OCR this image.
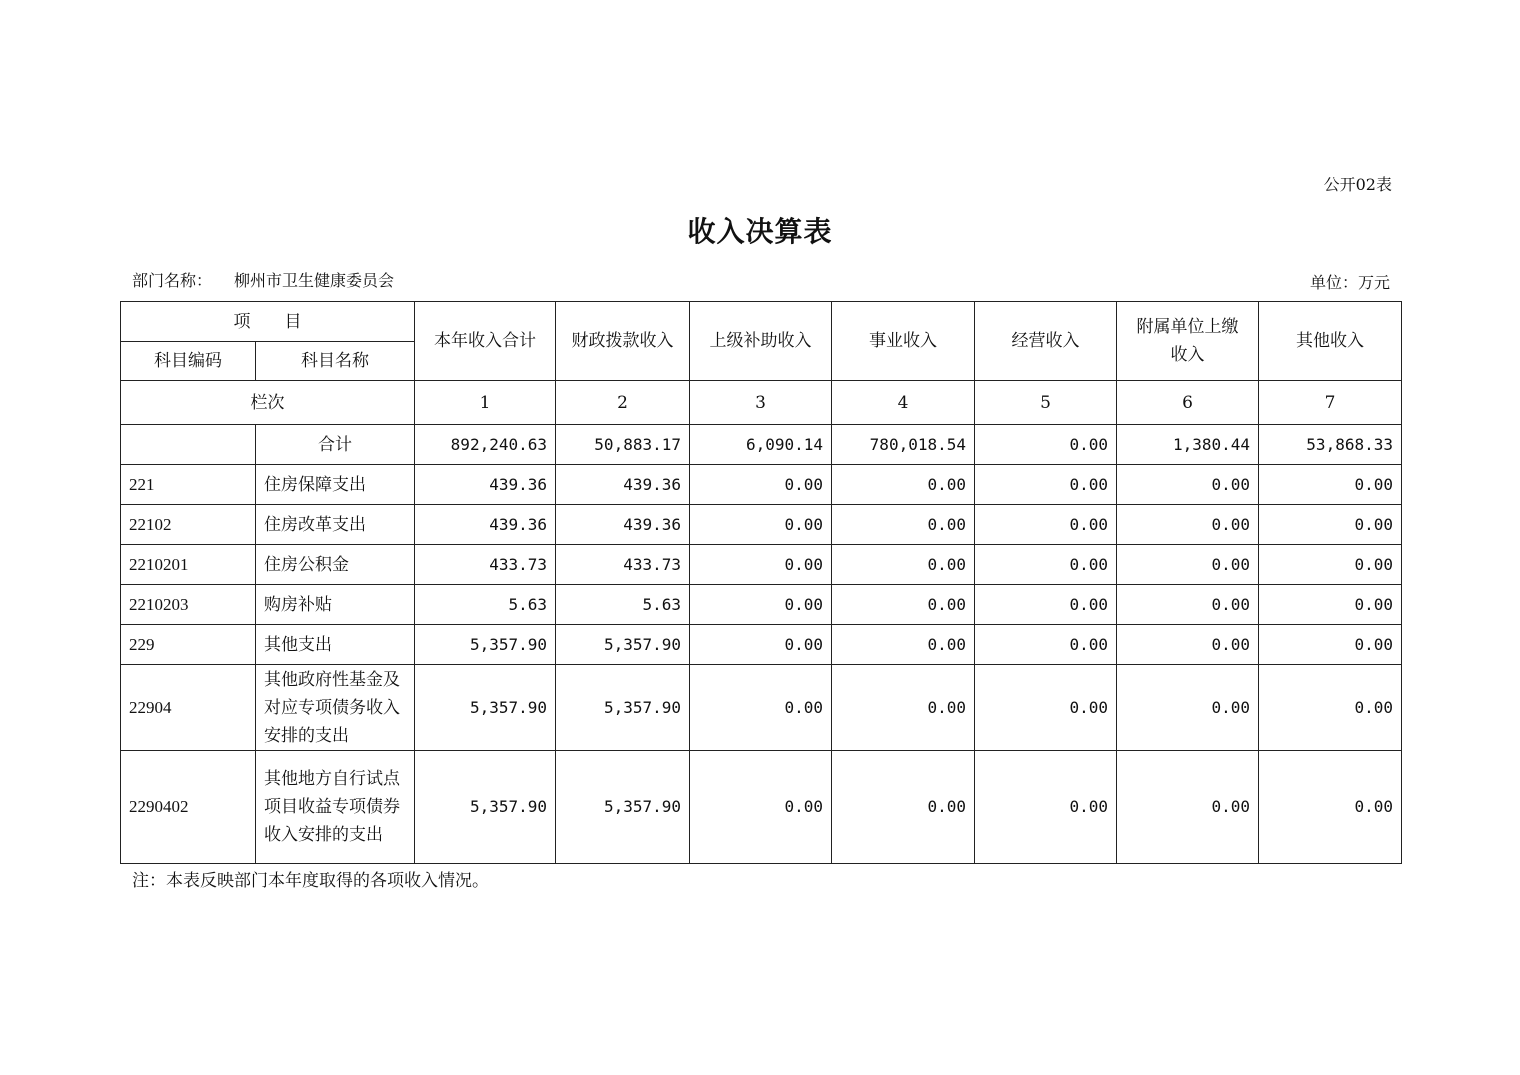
公开02表
收入决算表
部门名称： 柳州市卫生健康委员会	单位：万元
项　　目		本年收入合计	财政拨款收入	上级补助收入	事业收入	经营收入	附属单位上缴收入	其他收入
科目编码	科目名称							
栏次		1	2	3	4	5	6	7
	合计	892,240.63	50,883.17	6,090.14	780,018.54	0.00	1,380.44	53,868.33
221	住房保障支出	439.36	439.36	0.00	0.00	0.00	0.00	0.00
22102	住房改革支出	439.36	439.36	0.00	0.00	0.00	0.00	0.00
2210201	住房公积金	433.73	433.73	0.00	0.00	0.00	0.00	0.00
2210203	购房补贴	5.63	5.63	0.00	0.00	0.00	0.00	0.00
229	其他支出	5,357.90	5,357.90	0.00	0.00	0.00	0.00	0.00
22904	其他政府性基金及对应专项债务收入安排的支出	5,357.90	5,357.90	0.00	0.00	0.00	0.00	0.00
2290402	其他地方自行试点项目收益专项债券收入安排的支出	5,357.90	5,357.90	0.00	0.00	0.00	0.00	0.00
注：本表反映部门本年度取得的各项收入情况。
